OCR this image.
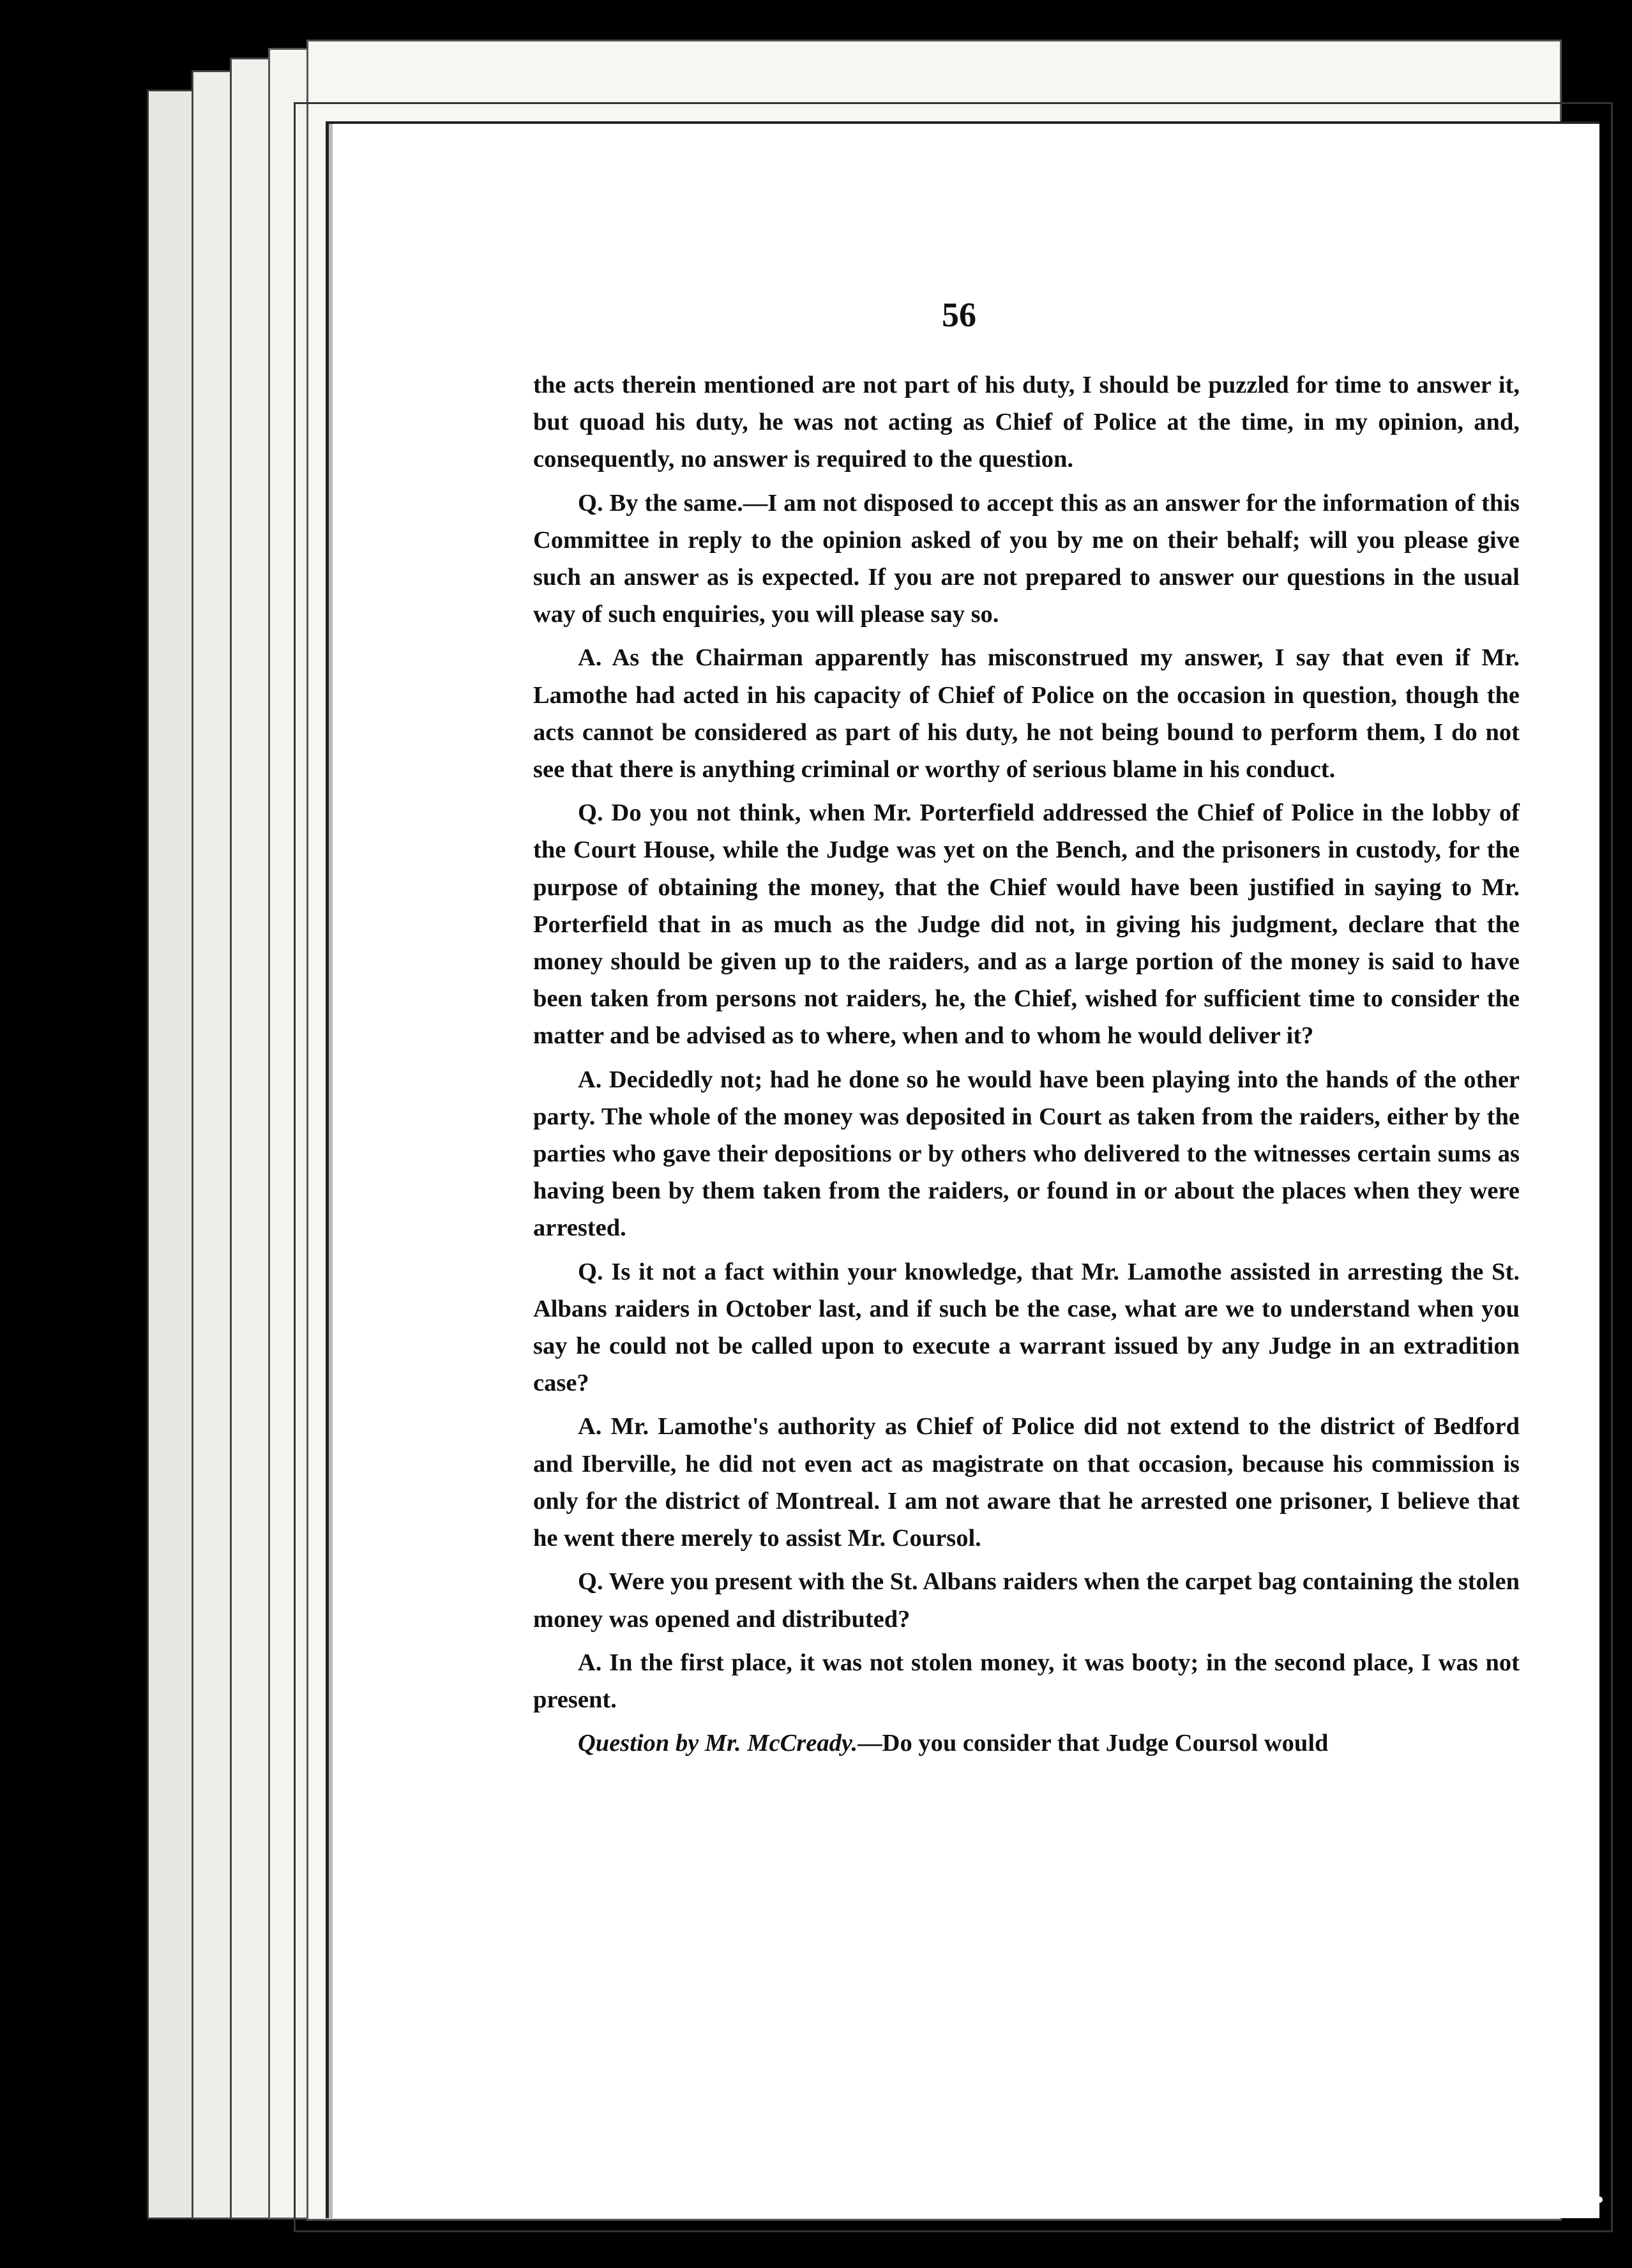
56

the acts therein mentioned are not part of his duty, I should be puzzled for time to answer it, but quoad his duty, he was not acting as Chief of Police at the time, in my opinion, and, consequently, no answer is required to the question.

Q. By the same.—I am not disposed to accept this as an answer for the information of this Committee in reply to the opinion asked of you by me on their behalf; will you please give such an answer as is expected. If you are not prepared to answer our questions in the usual way of such enquiries, you will please say so.

A. As the Chairman apparently has misconstrued my answer, I say that even if Mr. Lamothe had acted in his capacity of Chief of Police on the occasion in question, though the acts cannot be considered as part of his duty, he not being bound to perform them, I do not see that there is anything criminal or worthy of serious blame in his conduct.

Q. Do you not think, when Mr. Porterfield addressed the Chief of Police in the lobby of the Court House, while the Judge was yet on the Bench, and the prisoners in custody, for the purpose of obtaining the money, that the Chief would have been justified in saying to Mr. Porterfield that in as much as the Judge did not, in giving his judgment, declare that the money should be given up to the raiders, and as a large portion of the money is said to have been taken from persons not raiders, he, the Chief, wished for sufficient time to consider the matter and be advised as to where, when and to whom he would deliver it?

A. Decidedly not; had he done so he would have been playing into the hands of the other party. The whole of the money was deposited in Court as taken from the raiders, either by the parties who gave their depositions or by others who delivered to the witnesses certain sums as having been by them taken from the raiders, or found in or about the places when they were arrested.

Q. Is it not a fact within your knowledge, that Mr. Lamothe assisted in arresting the St. Albans raiders in October last, and if such be the case, what are we to understand when you say he could not be called upon to execute a warrant issued by any Judge in an extradition case?

A. Mr. Lamothe's authority as Chief of Police did not extend to the district of Bedford and Iberville, he did not even act as magistrate on that occasion, because his commission is only for the district of Montreal. I am not aware that he arrested one prisoner, I believe that he went there merely to assist Mr. Coursol.

Q. Were you present with the St. Albans raiders when the carpet bag containing the stolen money was opened and distributed?

A. In the first place, it was not stolen money, it was booty; in the second place, I was not present.

Question by Mr. McCready.—Do you consider that Judge Coursol would
